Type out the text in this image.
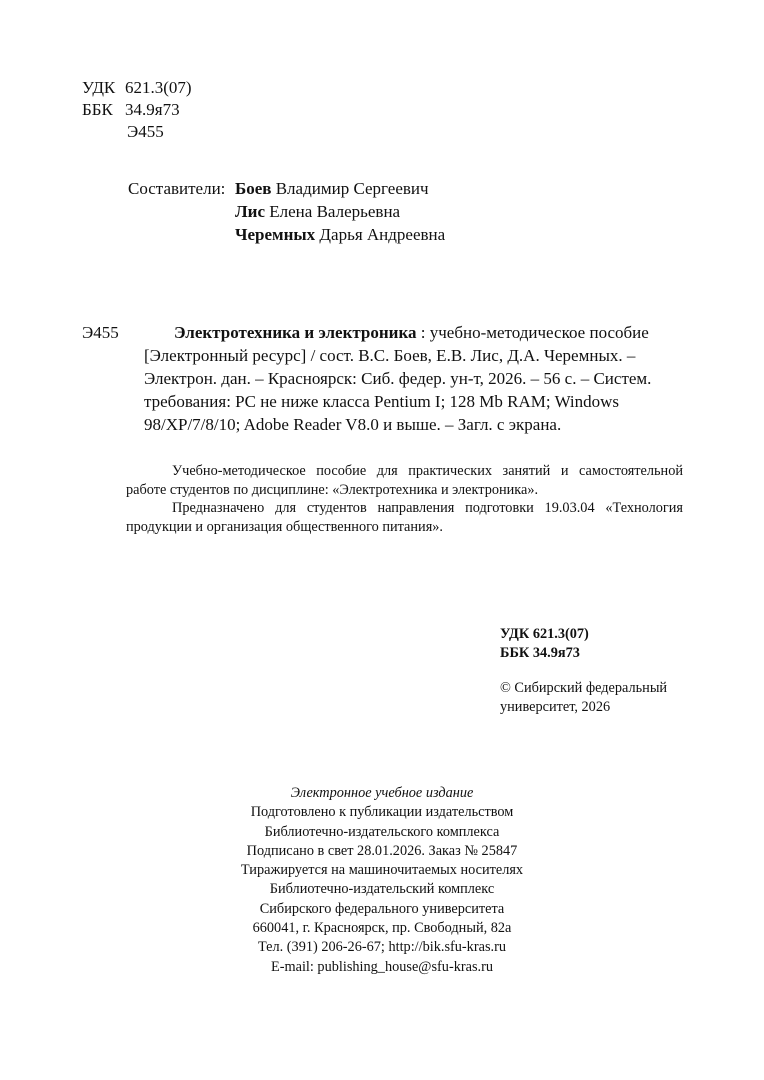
УДК 621.3(07)
ББК 34.9я73
Э455
Составители: Боев Владимир Сергеевич
Лис Елена Валерьевна
Черемных Дарья Андреевна
Э455	Электротехника и электроника : учебно-методическое пособие
[Электронный ресурс] / сост. В.С. Боев, Е.В. Лис, Д.А. Черемных. –
Электрон. дан. – Красноярск: Сиб. федер. ун-т, 2026. – 56 с. – Систем.
требования: PC не ниже класса Pentium I; 128 Mb RAM; Windows
98/XP/7/8/10; Adobe Reader V8.0 и выше. – Загл. с экрана.

Учебно-методическое пособие для практических занятий и самостоятельной работе студентов по дисциплине: «Электротехника и электроника».

Предназначено для студентов направления подготовки 19.03.04 «Технология продукции и организация общественного питания».

УДК 621.3(07)
ББК 34.9я73
© Сибирский федеральный
университет, 2026
Электронное учебное издание
Подготовлено к публикации издательством
Библиотечно-издательского комплекса
Подписано в свет 28.01.2026. Заказ № 25847
Тиражируется на машиночитаемых носителях
Библиотечно-издательский комплекс
Сибирского федерального университета
660041, г. Красноярск, пр. Свободный, 82а
Тел. (391) 206-26-67; http://bik.sfu-kras.ru
E-mail: publishing_house@sfu-kras.ru
